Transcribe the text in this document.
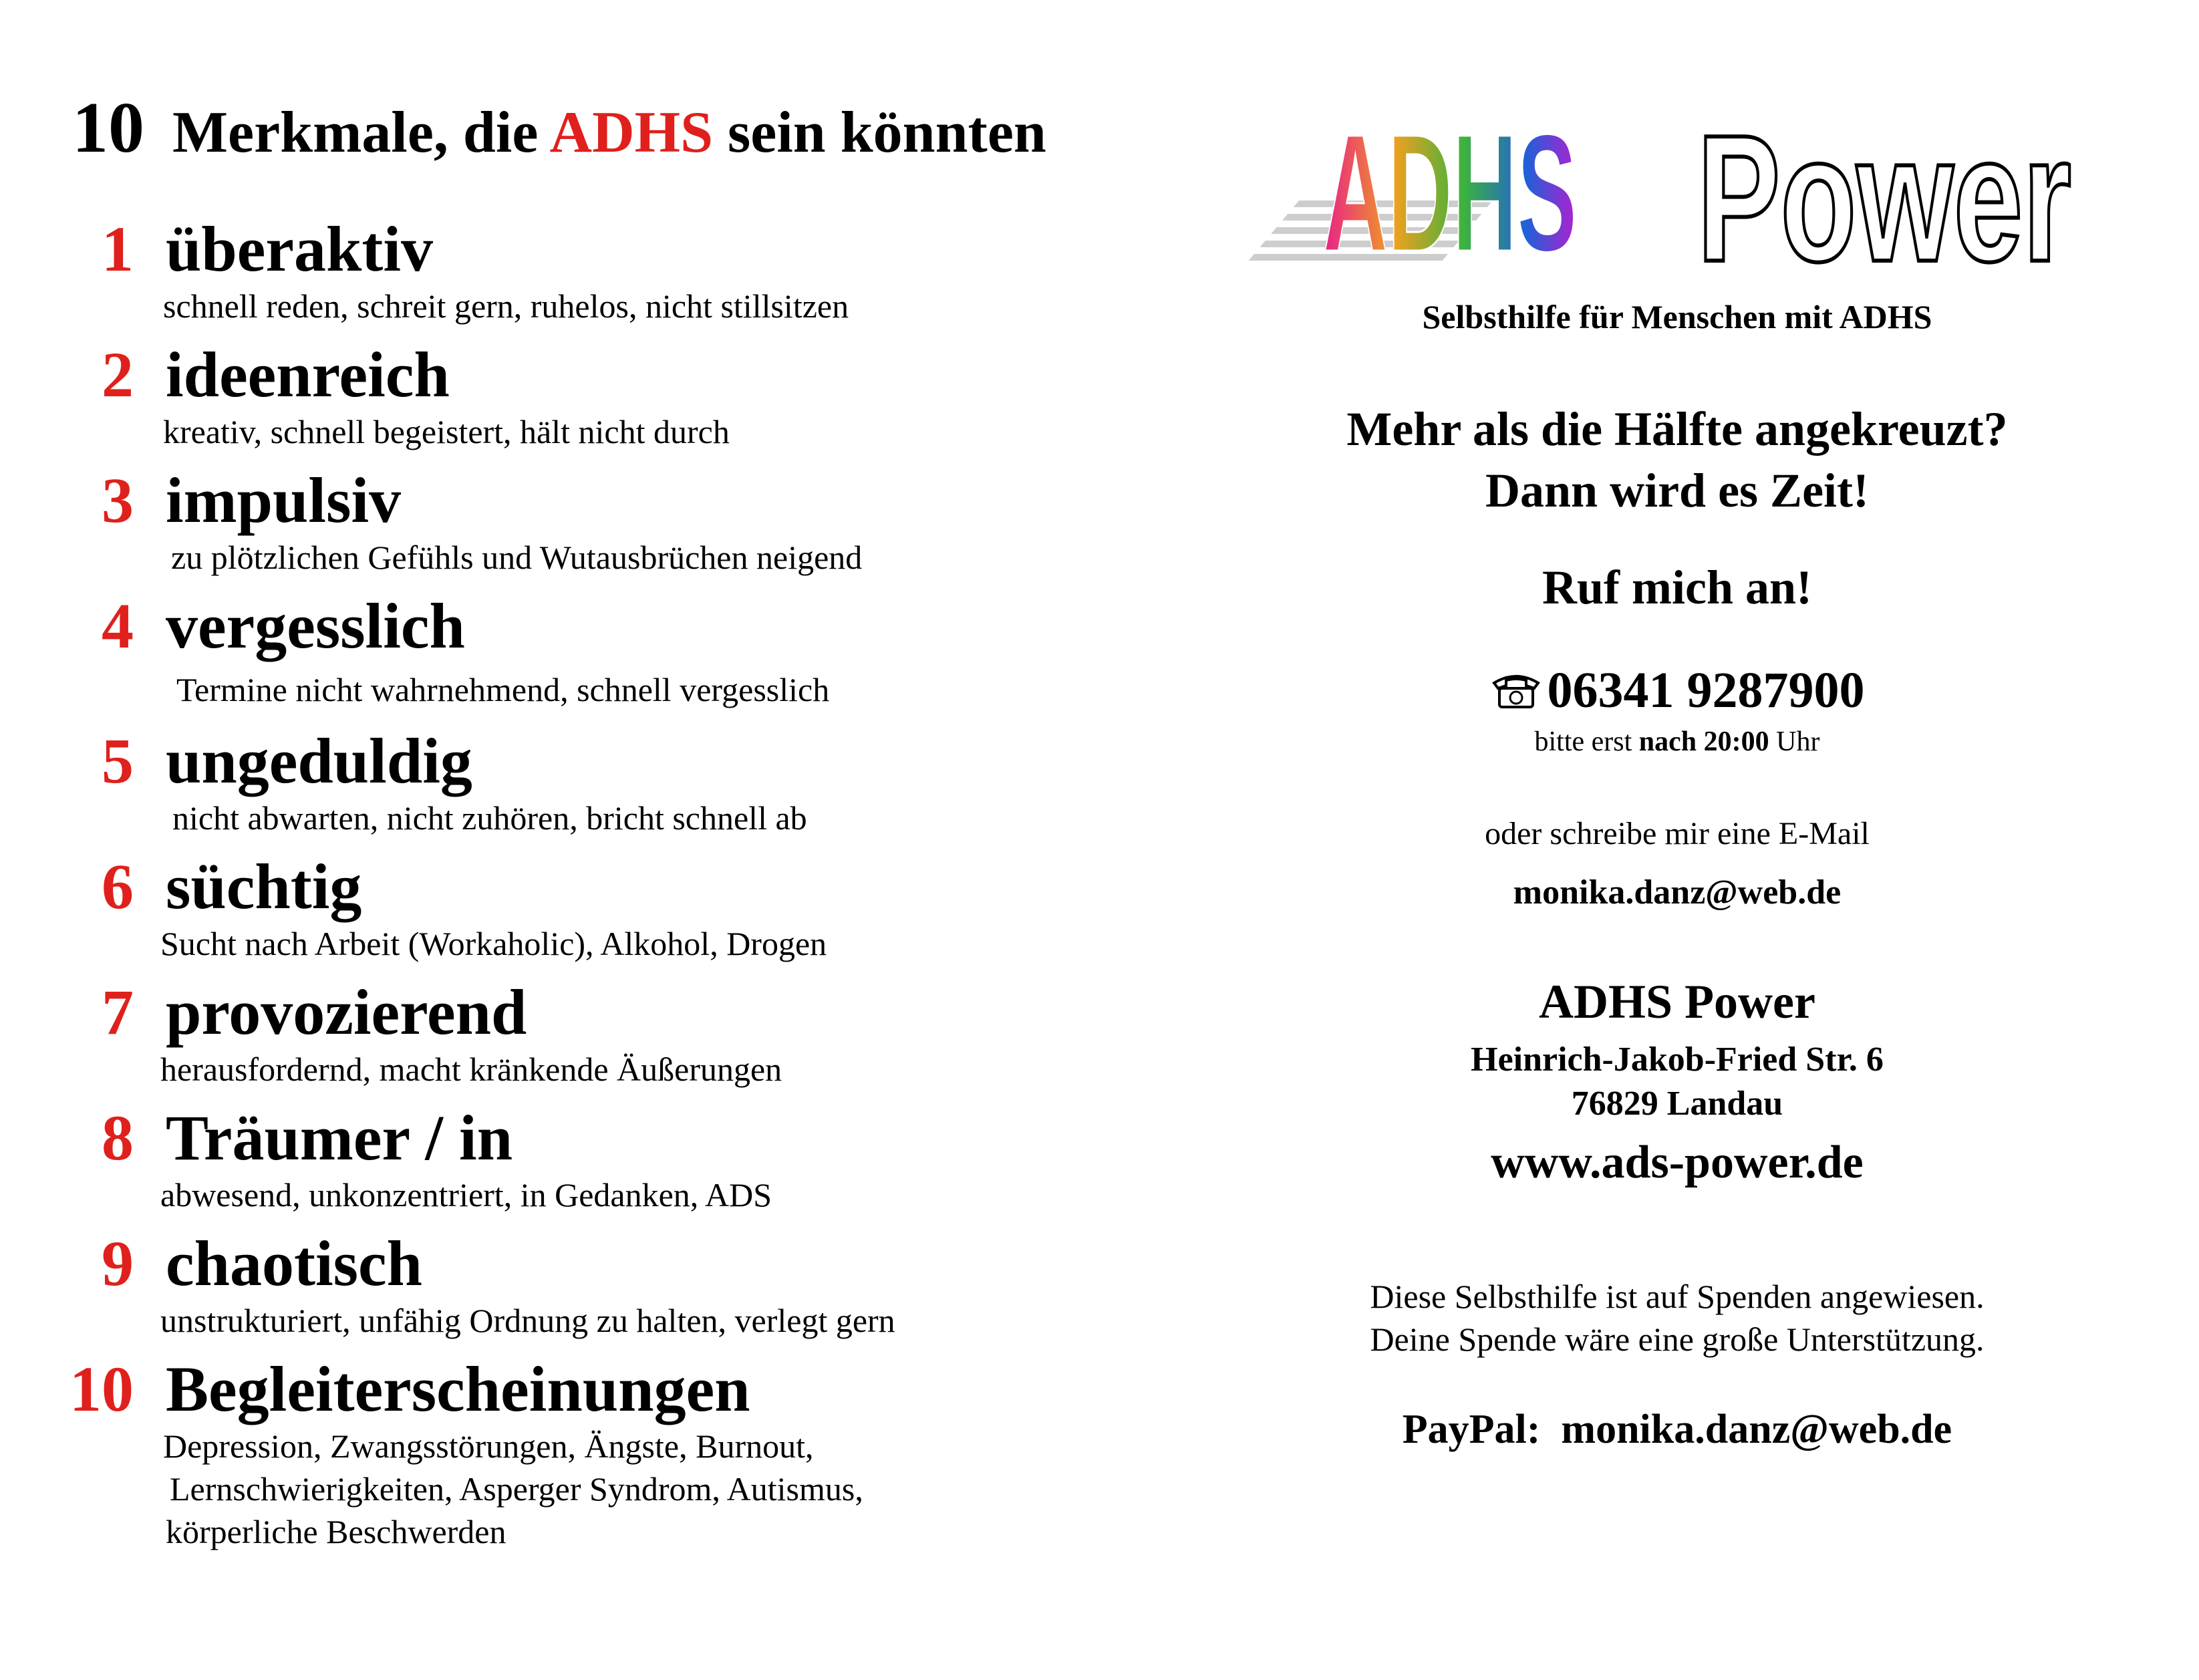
10 Merkmale, die ADHS sein könnten
1 überaktiv
schnell reden, schreit gern, ruhelos, nicht stillsitzen
2 ideenreich
kreativ, schnell begeistert, hält nicht durch
3 impulsiv
zu plötzlichen Gefühls und Wutausbrüchen neigend
4 vergesslich
Termine nicht wahrnehmend, schnell vergesslich
5 ungeduldig
nicht abwarten, nicht zuhören, bricht schnell ab
6 süchtig
Sucht nach Arbeit (Workaholic), Alkohol, Drogen
7 provozierend
herausfordernd, macht kränkende Äußerungen
8 Träumer / in
abwesend, unkonzentriert, in Gedanken, ADS
9 chaotisch
unstrukturiert, unfähig Ordnung zu halten, verlegt gern
10 Begleiterscheinungen
Depression, Zwangsstörungen, Ängste, Burnout,
Lernschwierigkeiten, Asperger Syndrom, Autismus,
körperliche Beschwerden
ADHS Power
Selbsthilfe für Menschen mit ADHS
Mehr als die Hälfte angekreuzt?
Dann wird es Zeit!
Ruf mich an!
06341 9287900
bitte erst nach 20:00 Uhr
oder schreibe mir eine E-Mail
monika.danz@web.de
ADHS Power
Heinrich-Jakob-Fried Str. 6
76829 Landau
www.ads-power.de
Diese Selbsthilfe ist auf Spenden angewiesen.
Deine Spende wäre eine große Unterstützung.
PayPal: monika.danz@web.de
